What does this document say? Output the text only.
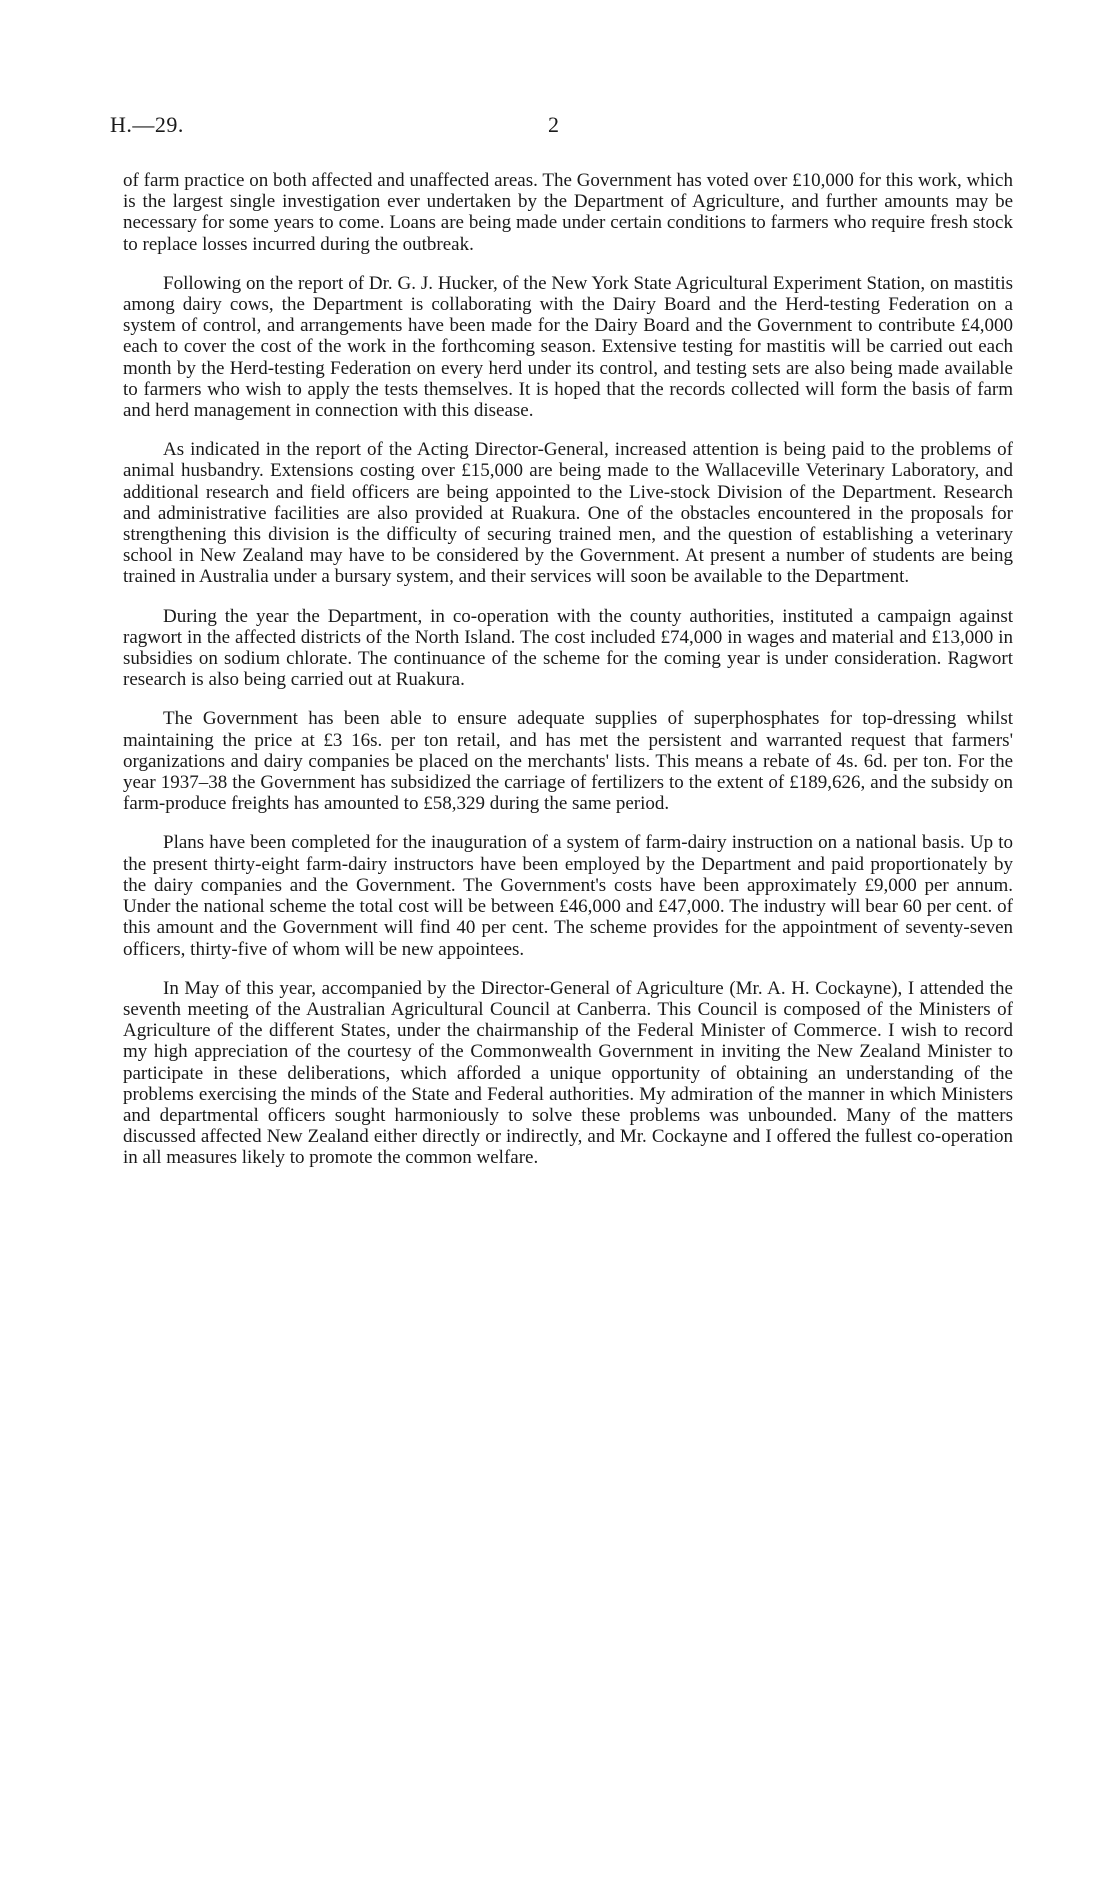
H.—29.	2

of farm practice on both affected and unaffected areas. The Government has voted over £10,000 for this work, which is the largest single investigation ever undertaken by the Department of Agriculture, and further amounts may be necessary for some years to come. Loans are being made under certain conditions to farmers who require fresh stock to replace losses incurred during the outbreak.

Following on the report of Dr. G. J. Hucker, of the New York State Agricultural Experiment Station, on mastitis among dairy cows, the Department is collaborating with the Dairy Board and the Herd-testing Federation on a system of control, and arrangements have been made for the Dairy Board and the Government to contribute £4,000 each to cover the cost of the work in the forthcoming season. Extensive testing for mastitis will be carried out each month by the Herd-testing Federation on every herd under its control, and testing sets are also being made available to farmers who wish to apply the tests themselves. It is hoped that the records collected will form the basis of farm and herd management in connection with this disease.

As indicated in the report of the Acting Director-General, increased attention is being paid to the problems of animal husbandry. Extensions costing over £15,000 are being made to the Wallaceville Veterinary Laboratory, and additional research and field officers are being appointed to the Live-stock Division of the Department. Research and administrative facilities are also provided at Ruakura. One of the obstacles encountered in the proposals for strengthening this division is the difficulty of securing trained men, and the question of establishing a veterinary school in New Zealand may have to be considered by the Government. At present a number of students are being trained in Australia under a bursary system, and their services will soon be available to the Department.

During the year the Department, in co-operation with the county authorities, instituted a campaign against ragwort in the affected districts of the North Island. The cost included £74,000 in wages and material and £13,000 in subsidies on sodium chlorate. The continuance of the scheme for the coming year is under consideration. Ragwort research is also being carried out at Ruakura.

The Government has been able to ensure adequate supplies of superphosphates for top-dressing whilst maintaining the price at £3 16s. per ton retail, and has met the persistent and warranted request that farmers' organizations and dairy companies be placed on the merchants' lists. This means a rebate of 4s. 6d. per ton. For the year 1937–38 the Government has subsidized the carriage of fertilizers to the extent of £189,626, and the subsidy on farm-produce freights has amounted to £58,329 during the same period.

Plans have been completed for the inauguration of a system of farm-dairy instruction on a national basis. Up to the present thirty-eight farm-dairy instructors have been employed by the Department and paid proportionately by the dairy companies and the Government. The Government's costs have been approximately £9,000 per annum. Under the national scheme the total cost will be between £46,000 and £47,000. The industry will bear 60 per cent. of this amount and the Government will find 40 per cent. The scheme provides for the appointment of seventy-seven officers, thirty-five of whom will be new appointees.

In May of this year, accompanied by the Director-General of Agriculture (Mr. A. H. Cockayne), I attended the seventh meeting of the Australian Agricultural Council at Canberra. This Council is composed of the Ministers of Agriculture of the different States, under the chairmanship of the Federal Minister of Commerce. I wish to record my high appreciation of the courtesy of the Commonwealth Government in inviting the New Zealand Minister to participate in these deliberations, which afforded a unique opportunity of obtaining an understanding of the problems exercising the minds of the State and Federal authorities. My admiration of the manner in which Ministers and departmental officers sought harmoniously to solve these problems was unbounded. Many of the matters discussed affected New Zealand either directly or indirectly, and Mr. Cockayne and I offered the fullest co-operation in all measures likely to promote the common welfare.
